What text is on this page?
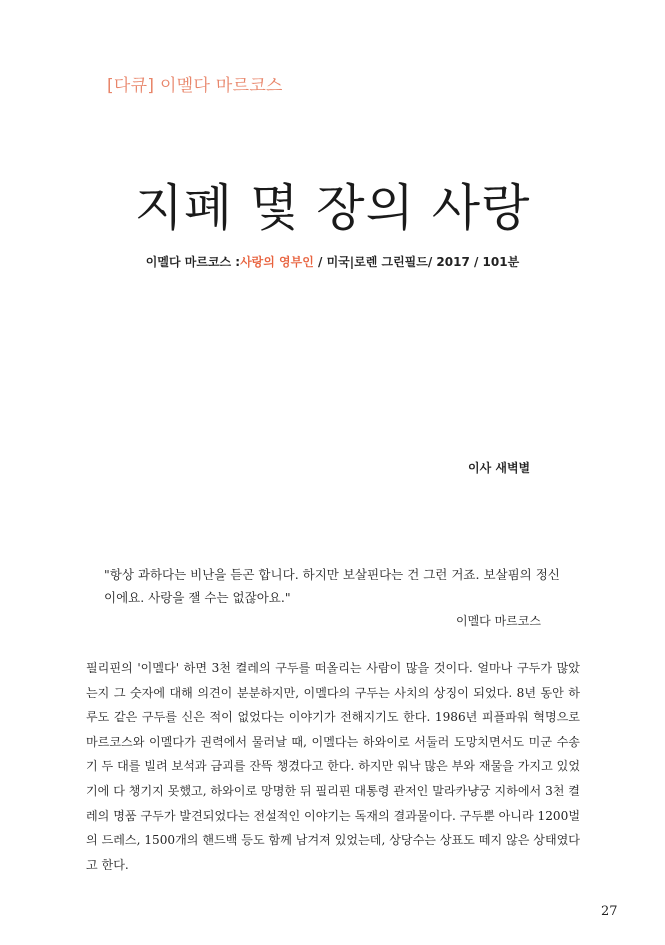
[다큐] 이멜다 마르코스
지폐 몇 장의 사랑
이멜다 마르코스 :사랑의 영부인 / 미국|로렌 그린필드/ 2017 / 101분
이사 새벽별

"항상 과하다는 비난을 듣곤 합니다. 하지만 보살핀다는 건 그런 거죠. 보살핌의 정신이에요. 사랑을 잴 수는 없잖아요."

이멜다 마르코스

필리핀의 '이멜다' 하면 3천 켤레의 구두를 떠올리는 사람이 많을 것이다. 얼마나 구두가 많았는지 그 숫자에 대해 의견이 분분하지만, 이멜다의 구두는 사치의 상징이 되었다. 8년 동안 하루도 같은 구두를 신은 적이 없었다는 이야기가 전해지기도 한다. 1986년 피플파워 혁명으로 마르코스와 이멜다가 권력에서 물러날 때, 이멜다는 하와이로 서둘러 도망치면서도 미군 수송기 두 대를 빌려 보석과 금괴를 잔뜩 챙겼다고 한다. 하지만 워낙 많은 부와 재물을 가지고 있었기에 다 챙기지 못했고, 하와이로 망명한 뒤 필리핀 대통령 관저인 말라카냥궁 지하에서 3천 켤레의 명품 구두가 발견되었다는 전설적인 이야기는 독재의 결과물이다. 구두뿐 아니라 1200벌의 드레스, 1500개의 핸드백 등도 함께 남겨져 있었는데, 상당수는 상표도 떼지 않은 상태였다고 한다.

27
